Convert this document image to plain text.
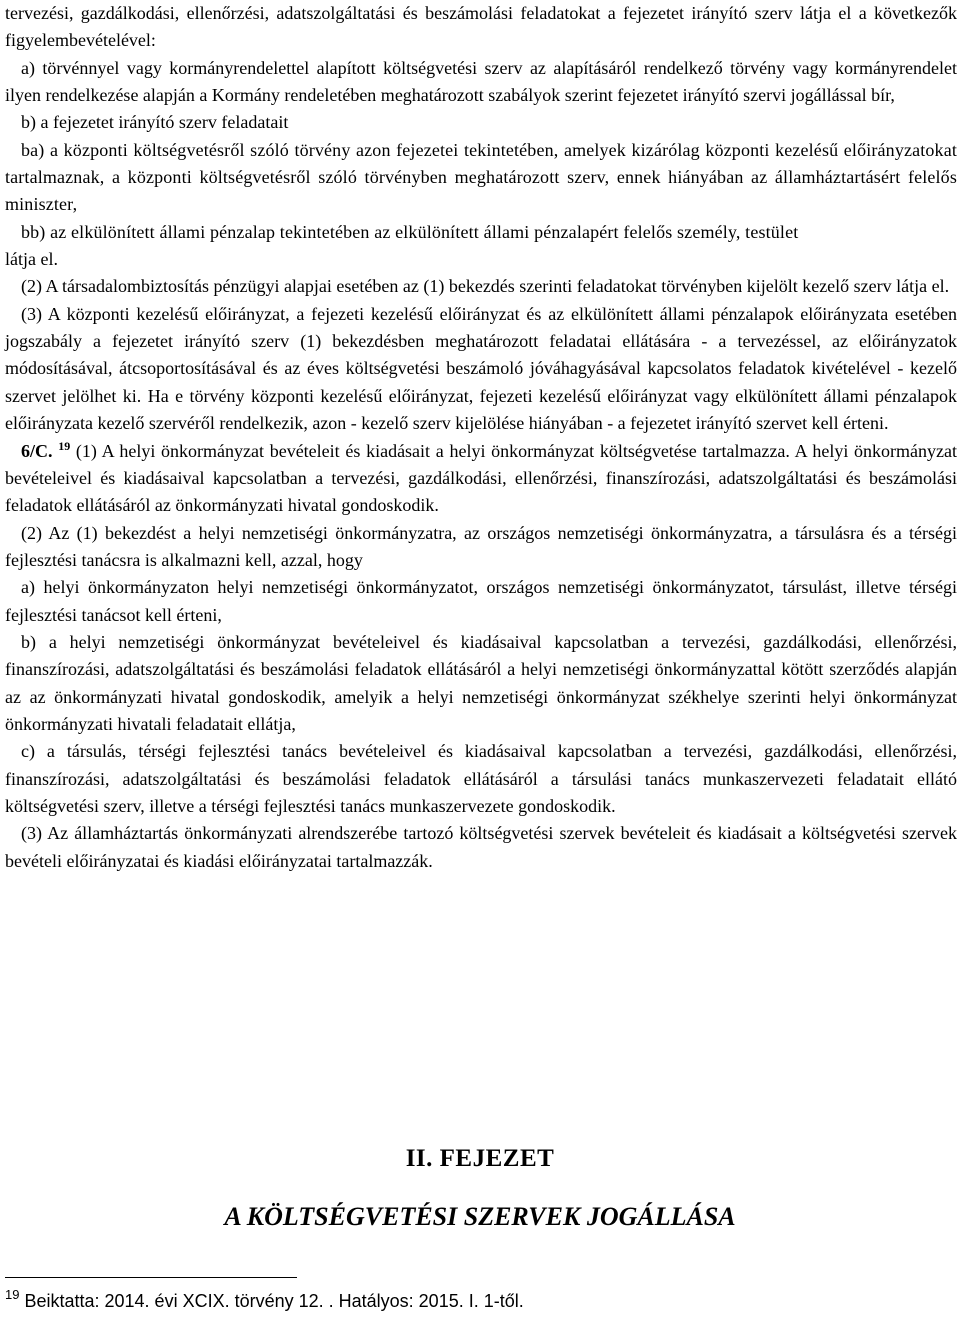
tervezési, gazdálkodási, ellenőrzési, adatszolgáltatási és beszámolási feladatokat a fejezetet irányító szerv látja el a következők figyelembevételével:

a) törvénnyel vagy kormányrendelettel alapított költségvetési szerv az alapításáról rendelkező törvény vagy kormányrendelet ilyen rendelkezése alapján a Kormány rendeletében meghatározott szabályok szerint fejezetet irányító szervi jogállással bír,

b) a fejezetet irányító szerv feladatait

ba) a központi költségvetésről szóló törvény azon fejezetei tekintetében, amelyek kizárólag központi kezelésű előirányzatokat tartalmaznak, a központi költségvetésről szóló törvényben meghatározott szerv, ennek hiányában az államháztartásért felelős miniszter,

bb) az elkülönített állami pénzalap tekintetében az elkülönített állami pénzalapért felelős személy, testület

látja el.

(2) A társadalombiztosítás pénzügyi alapjai esetében az (1) bekezdés szerinti feladatokat törvényben kijelölt kezelő szerv látja el.

(3) A központi kezelésű előirányzat, a fejezeti kezelésű előirányzat és az elkülönített állami pénzalapok előirányzata esetében jogszabály a fejezetet irányító szerv (1) bekezdésben meghatározott feladatai ellátására - a tervezéssel, az előirányzatok módosításával, átcsoportosításával és az éves költségvetési beszámoló jóváhagyásával kapcsolatos feladatok kivételével - kezelő szervet jelölhet ki. Ha e törvény központi kezelésű előirányzat, fejezeti kezelésű előirányzat vagy elkülönített állami pénzalapok előirányzata kezelő szervéről rendelkezik, azon - kezelő szerv kijelölése hiányában - a fejezetet irányító szervet kell érteni.

6/C. $^{19}$ (1) A helyi önkormányzat bevételeit és kiadásait a helyi önkormányzat költségvetése tartalmazza. A helyi önkormányzat bevételeivel és kiadásaival kapcsolatban a tervezési, gazdálkodási, ellenőrzési, finanszírozási, adatszolgáltatási és beszámolási feladatok ellátásáról az önkormányzati hivatal gondoskodik.

(2) Az (1) bekezdést a helyi nemzetiségi önkormányzatra, az országos nemzetiségi önkormányzatra, a társulásra és a térségi fejlesztési tanácsra is alkalmazni kell, azzal, hogy

a) helyi önkormányzaton helyi nemzetiségi önkormányzatot, országos nemzetiségi önkormányzatot, társulást, illetve térségi fejlesztési tanácsot kell érteni,

b) a helyi nemzetiségi önkormányzat bevételeivel és kiadásaival kapcsolatban a tervezési, gazdálkodási, ellenőrzési, finanszírozási, adatszolgáltatási és beszámolási feladatok ellátásáról a helyi nemzetiségi önkormányzattal kötött szerződés alapján az az önkormányzati hivatal gondoskodik, amelyik a helyi nemzetiségi önkormányzat székhelye szerinti helyi önkormányzat önkormányzati hivatali feladatait ellátja,

c) a társulás, térségi fejlesztési tanács bevételeivel és kiadásaival kapcsolatban a tervezési, gazdálkodási, ellenőrzési, finanszírozási, adatszolgáltatási és beszámolási feladatok ellátásáról a társulási tanács munkaszervezeti feladatait ellátó költségvetési szerv, illetve a térségi fejlesztési tanács munkaszervezete gondoskodik.

(3) Az államháztartás önkormányzati alrendszerébe tartozó költségvetési szervek bevételeit és kiadásait a költségvetési szervek bevételi előirányzatai és kiadási előirányzatai tartalmazzák.

II. FEJEZET
A KÖLTSÉGVETÉSI SZERVEK JOGÁLLÁSA
$^{19}$ Beiktatta: 2014. évi XCIX. törvény 12. . Hatályos: 2015. I. 1-től.
